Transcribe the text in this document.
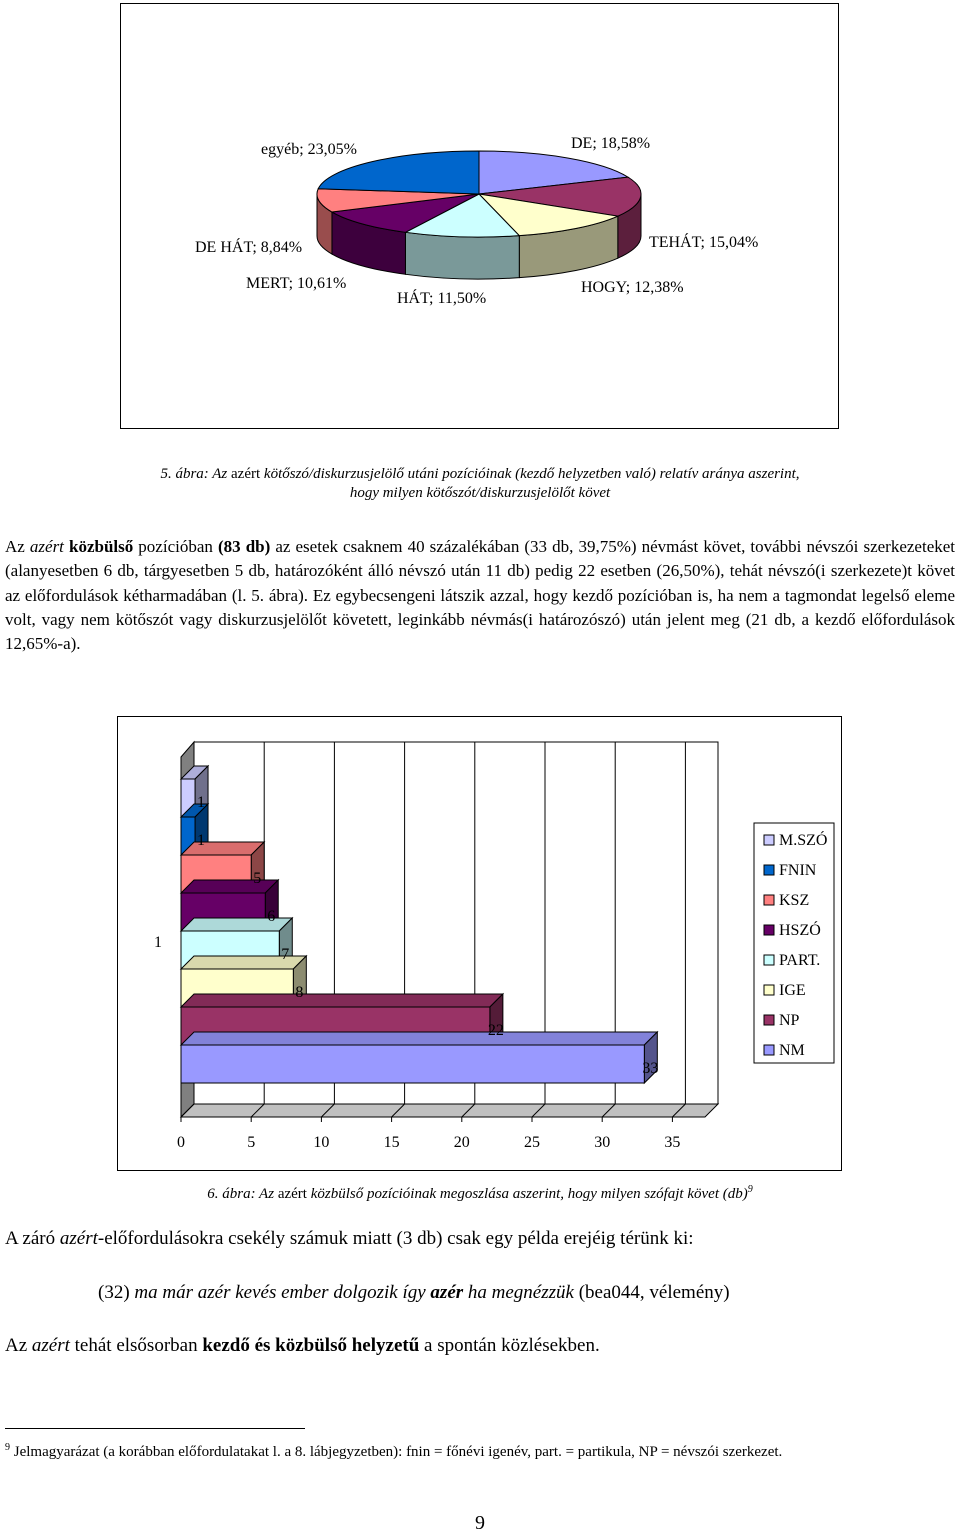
DE; 18,58%
TEHÁT; 15,04%
HOGY; 12,38%
HÁT; 11,50%
MERT; 10,61%
DE HÁT; 8,84%
egyéb; 23,05%
5. ábra: Az azért kötőszó/diskurzusjelölő utáni pozícióinak (kezdő helyzetben való) relatív aránya aszerint,
hogy milyen kötőszót/diskurzusjelölőt követ
Az azért közbülső pozícióban (83 db) az esetek csaknem 40 százalékában (33 db, 39,75%) névmást követ, további névszói szerkezeteket (alanyesetben 6 db, tárgyesetben 5 db, határozóként álló névszó után 11 db) pedig 22 esetben (26,50%), tehát névszó(i szerkezete)t követ az előfordulások kétharmadában (l. 5. ábra). Ez egybecsengeni látszik azzal, hogy kezdő pozícióban is, ha nem a tagmondat legelső eleme volt, vagy nem kötőszót vagy diskurzusjelölőt követett, leginkább névmás(i határozószó) után jelent meg (21 db, a kezdő előfordulások 12,65%-a).
0	5	10	15	20	25	30	35
1
1
5
6
7
8
22
33
1
M.SZÓ
FNIN
KSZ
HSZÓ
PART.
IGE
NP
NM
6. ábra: Az azért közbülső pozícióinak megoszlása aszerint, hogy milyen szófajt követ (db)$^9$
A záró azért-előfordulásokra csekély számuk miatt (3 db) csak egy példa erejéig térünk ki:
(32) ma már azér kevés ember dolgozik így azér ha megnézzük (bea044, vélemény)
Az azért tehát elsősorban kezdő és közbülső helyzetű a spontán közlésekben.
$^9$ Jelmagyarázat (a korábban előfordulatakat l. a 8. lábjegyzetben): fnin = főnévi igenév, part. = partikula, NP = névszói szerkezet.
9
